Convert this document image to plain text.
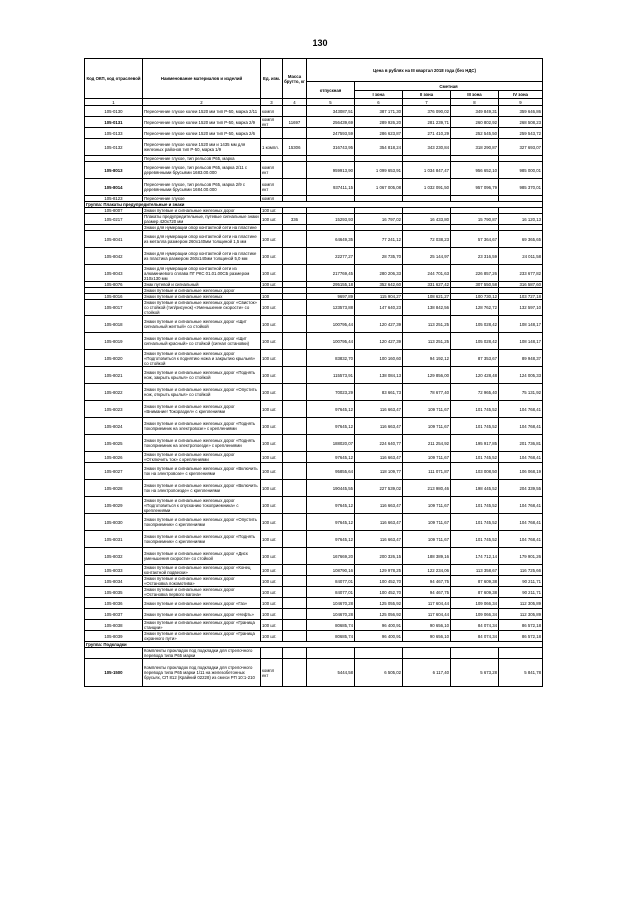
130
Код ОКП, код отраслевой	Наименование материалов и изделий	Ед. изм.	Масса брутто, кг	Цена в рублях на III квартал 2018 года (без НДС)				
				отпускная	Сметная			
					I зона	II зона	III зона	IV зона
1	2	3	4	5	6	7	8	9
105-0130	Пересечение глухое колеи 1520 мм тип Р-50, марка 2/11	компл		343087,51	387 171,30	376 090,02	349 849,31	359 646,86
105-0131	Пересечение глухое колеи 1520 мм тип Р-50, марка 2/9	компл ект	11697	256439,69	289 926,20	281 239,71	260 802,92	268 508,23
105-0133	Пересечение глухое колеи 1520 мм тип Р-50, марка 2/6			247593,59	286 623,87	271 410,29	252 545,50	259 543,72
105-0132	Пересечение глухое колеи 1520 мм и 1435 мм для железных районов тип Р-50, марка 1/9	1 компл.	15306	316743,95	354 818,24	343 230,84	318 290,87	327 693,07
	Пересечение глухое, тип рельсов Р65, марка							
105-8013	Пересечение глухое, тип рельсов Р65, марка 2/11 с деревянными брусьями 1683.00.000	компл ект		959913,90	1 099 653,91	1 034 847,47	956 652,10	985 000,01
105-8014	Пересечение глухое, тип рельсов Р65, марка 2/9 с деревянными брусьями 1684.00.000	компл ект		937411,15	1 067 005,08	1 032 091,50	957 096,79	985 370,01
105-8123	Пересечение глухое	компл						
Группа: Плакаты предупредительные и знаки								
105-8007	Знаки путевые и сигнальные железных дорог	100 шт.						
105-0217	Плакаты предупредительные, путевые сигнальные знаки размер 420х720 мм	100 шт.	336	15293,93	16 797,02	16 433,80	15 790,87	16 120,13
	Знаки для нумерации опор контактной сети на пластине							
105-8041	Знаки для нумерации опор контактной сети на пластине из металла размером 260х140мм толщиной 1,5 мм	100 шт.		64649,35	77 241,12	72 038,23	57 364,67	69 365,65
105-8042	Знаки для нумерации опор контактной сети на пластике из пластика размером 260х140мм толщиной 5,0 мм	100 шт.		22277,27	28 735,70	25 144,97	23 316,59	24 011,58
105-8043	Знаки для нумерации опор контактной сети из алюминиевого сплава ПГ РКС 01.01.00СБ размером 210х130 мм	100 шт.		217769,45	280 206,33	244 701,63	226 857,26	233 677,82
105-8076	Знак путевой и сигнальный	100 шт.		295155,18	352 642,60	331 627,42	307 550,58	316 587,60
	Знаки путевые и сигнальные железных дорог							
105-8016	Знаки путевые и сигнальные железных	100		9697,89	115 904,27	108 621,27	100 730,12	103 727,18
105-8017	Знаки путевые и сигнальные железных дорог «Свисток» со стойкой (тип/рисунок) «Уменьшение скорости» со стойкой	100 шт.		123573,88	147 640,23	138 842,56	128 762,72	132 597,10
105-8018	Знаки путевые и сигнальные железных дорог «Щит сигнальный желтый» со стойкой	100 шт.		100795,44	120 427,39	113 251,25	105 028,42	108 148,17
105-8019	Знаки путевые и сигнальные железных дорог «Щит сигнальный красный» со стойкой (сигнал остановки)	100 шт.		100795,44	120 427,39	113 251,25	105 028,42	108 148,17
105-8020	Знаки путевые и сигнальные железных дорог «Подготовиться к поднятию ножа и закрытию крыльев» со стойкой	100 шт.		83832,70	100 160,60	94 192,12	87 353,67	89 948,37
105-8021	Знаки путевые и сигнальные железных дорог «Поднять нож, закрыть крылья» со стойкой	100 шт.		115573,91	138 084,13	129 856,00	120 428,48	124 005,33
105-8022	Знаки путевые и сигнальные железных дорог «Опустить нож, открыть крылья» со стойкой	100 шт.		70023,29	83 661,73	78 677,40	72 965,40	75 131,92
105-8023	Знаки путевые и сигнальные железных дорог «Внимание! Токораздел» с креплениями	100 шт.		97645,12	116 663,47	109 711,67	101 745,52	104 768,41
105-8024	Знаки путевые и сигнальные железных дорог «Поднять токоприемник на электровозе» с креплениями	100 шт.		97645,12	116 663,47	109 711,67	101 745,52	104 768,41
105-8025	Знаки путевые и сигнальные железных дорог «Поднять токоприемник на электропоезде» с креплениями	100 шт.		188020,07	224 640,77	211 254,92	195 917,85	201 736,81
105-8026	Знаки путевые и сигнальные железных дорог «Отключить ток» с креплениями	100 шт.		97645,12	116 663,47	109 711,67	101 745,52	104 768,41
105-8027	Знаки путевые и сигнальные железных дорог «Включить ток на электровозе» с креплениями	100 шт.		95855,64	118 109,77	111 071,87	103 008,50	106 068,19
105-8028	Знаки путевые и сигнальные железных дорог «Включить ток на электропоезде» с креплениями	100 шт.		190445,55	227 539,02	213 980,46	198 445,52	204 339,55
105-8029	Знаки путевые и сигнальные железных дорог «Подготовиться к опусканию токоприемника» с креплениями	100 шт.		97645,12	116 663,47	109 711,67	101 745,52	104 768,41
105-8030	Знаки путевые и сигнальные железных дорог «Опустить токоприемник» с креплениями	100 шт.		97645,12	116 663,47	109 711,67	101 745,52	104 768,41
105-8031	Знаки путевые и сигнальные железных дорог «Поднять токоприемник» с креплениями	100 шт.		97645,12	116 663,47	109 711,67	101 745,52	104 768,41
105-8032	Знаки путевые и сигнальные железных дорог «Диск уменьшения скорости» со стойкой	100 шт.		167669,20	200 326,15	188 389,16	174 712,14	179 901,26
105-8033	Знаки путевые и сигнальные железных дорог «Конец контактной подвески»	100 шт.		108790,16	129 978,25	122 234,06	113 358,67	116 725,66
105-8034	Знаки путевые и сигнальные железных дорог «Остановка локомотива»	100 шт.		84077,01	100 452,70	94 467,75	87 609,38	90 211,71
105-8035	Знаки путевые и сигнальные железных дорог «Остановка первого вагона»	100 шт.		84077,01	100 452,70	94 467,75	87 609,38	90 211,71
105-8036	Знаки путевые и сигнальные железных дорог «Газ»	100 шт.		104670,28	125 055,92	117 604,44	109 066,34	112 305,89
105-8037	Знаки путевые и сигнальные железных дорог «Нефть»	100 шт.		104670,28	125 056,92	117 604,44	109 066,34	112 305,89
105-8038	Знаки путевые и сигнальные железных дорог «Граница станции»	100 шт.		80685,74	96 400,91	90 656,10	84 074,34	86 572,18
105-8039	Знаки путевые и сигнальные железных дорог «Граница охранного пути»	100 шт.		80685,74	96 400,91	90 656,10	84 074,34	86 572,18
Группа: Подкладки								
	Комплекты прокладок под подкладки для стрелочного перевода типа Р65 марки							
105-1500	Комплекты прокладок под подкладки для стрелочного перевода типа Р65 марки 1/11 на железобетонных брусьях, СП 812 (Крайний 02228) из смеси РП 10:1-210	компл ект		5444,58	6 505,02	6 117,40	5 673,28	5 841,78
